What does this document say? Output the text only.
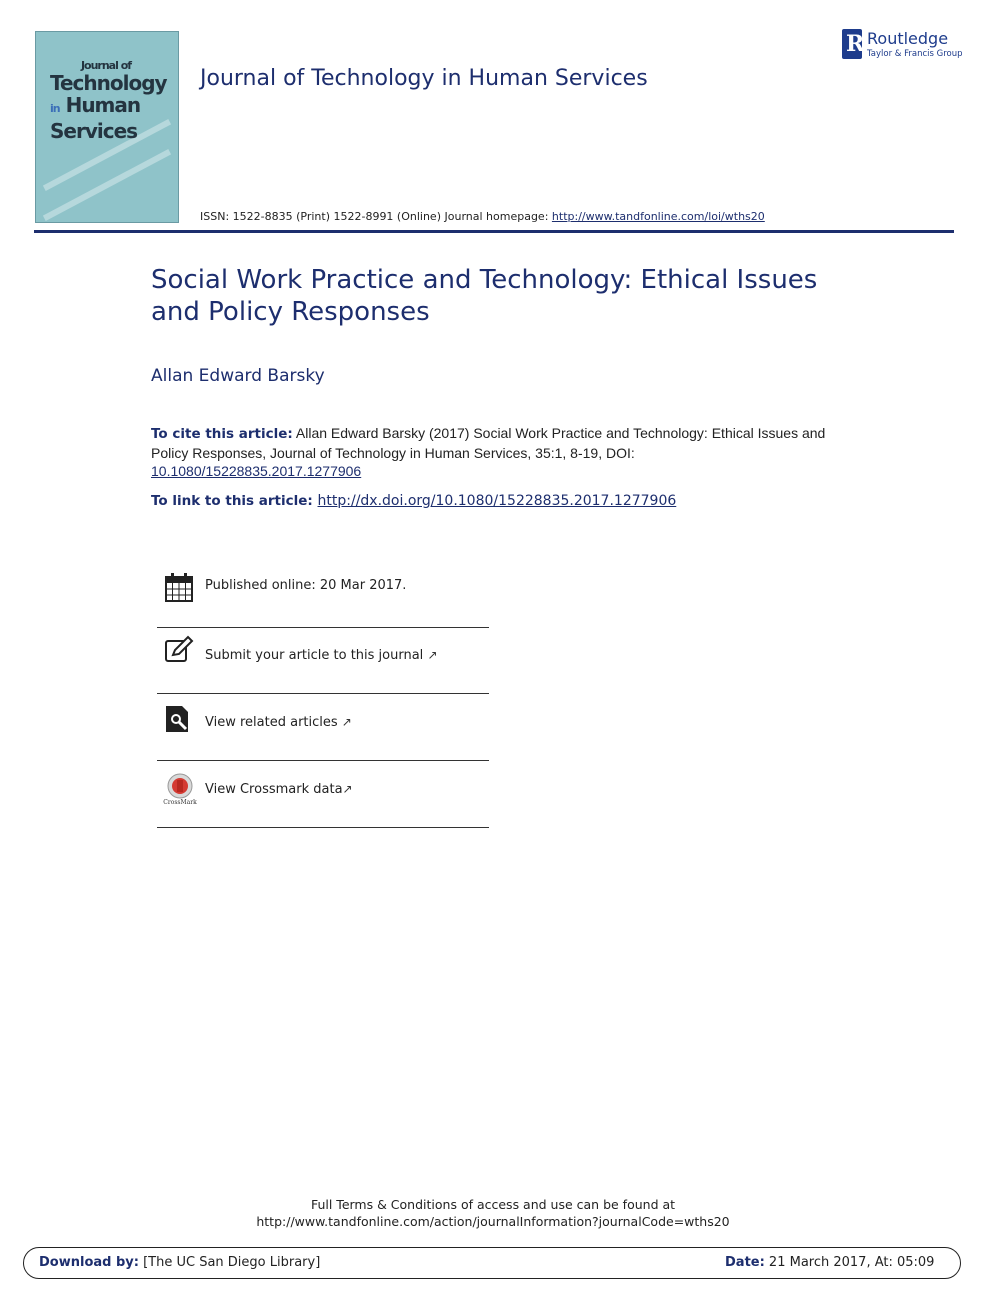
Journal of
Technology
in Human
Services
Journal of Technology in Human Services
R Routledge
Taylor & Francis Group
ISSN: 1522-8835 (Print) 1522-8991 (Online) Journal homepage: http://www.tandfonline.com/loi/wths20
Social Work Practice and Technology: Ethical Issues
and Policy Responses
Allan Edward Barsky
To cite this article: Allan Edward Barsky (2017) Social Work Practice and Technology: Ethical Issues and Policy Responses, Journal of Technology in Human Services, 35:1, 8-19, DOI: 10.1080/15228835.2017.1277906
To link to this article: http://dx.doi.org/10.1080/15228835.2017.1277906
Published online: 20 Mar 2017.
Submit your article to this journal ↗
View related articles ↗
CrossMark
View Crossmark data↗
Full Terms & Conditions of access and use can be found at
http://www.tandfonline.com/action/journalInformation?journalCode=wths20
Download by: [The UC San Diego Library]	Date: 21 March 2017, At: 05:09
